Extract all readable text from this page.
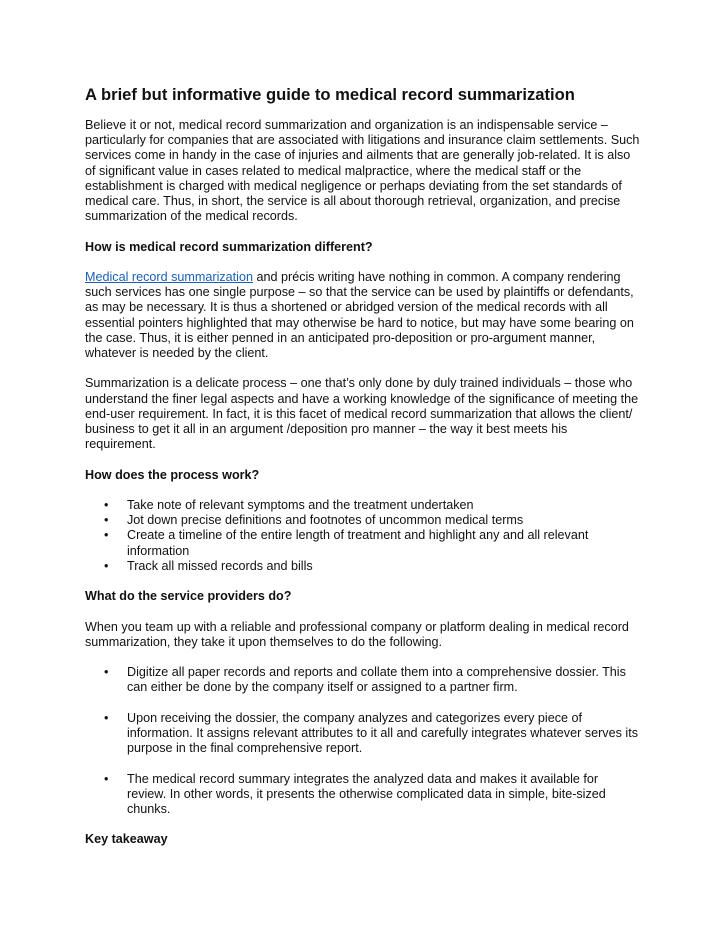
A brief but informative guide to medical record summarization

Believe it or not, medical record summarization and organization is an indispensable service – particularly for companies that are associated with litigations and insurance claim settlements. Such services come in handy in the case of injuries and ailments that are generally job-related. It is also of significant value in cases related to medical malpractice, where the medical staff or the establishment is charged with medical negligence or perhaps deviating from the set standards of medical care. Thus, in short, the service is all about thorough retrieval, organization, and precise summarization of the medical records.

How is medical record summarization different?

Medical record summarization and précis writing have nothing in common. A company rendering such services has one single purpose – so that the service can be used by plaintiffs or defendants, as may be necessary. It is thus a shortened or abridged version of the medical records with all essential pointers highlighted that may otherwise be hard to notice, but may have some bearing on the case. Thus, it is either penned in an anticipated pro-deposition or pro-argument manner, whatever is needed by the client.

Summarization is a delicate process – one that’s only done by duly trained individuals – those who understand the finer legal aspects and have a working knowledge of the significance of meeting the end-user requirement. In fact, it is this facet of medical record summarization that allows the client/ business to get it all in an argument /deposition pro manner – the way it best meets his requirement.

How does the process work?
• Take note of relevant symptoms and the treatment undertaken
• Jot down precise definitions and footnotes of uncommon medical terms
• Create a timeline of the entire length of treatment and highlight any and all relevant information
• Track all missed records and bills
What do the service providers do?

When you team up with a reliable and professional company or platform dealing in medical record summarization, they take it upon themselves to do the following.

• Digitize all paper records and reports and collate them into a comprehensive dossier. This can either be done by the company itself or assigned to a partner firm.
• Upon receiving the dossier, the company analyzes and categorizes every piece of information. It assigns relevant attributes to it all and carefully integrates whatever serves its purpose in the final comprehensive report.
• The medical record summary integrates the analyzed data and makes it available for review. In other words, it presents the otherwise complicated data in simple, bite-sized chunks.
Key takeaway
